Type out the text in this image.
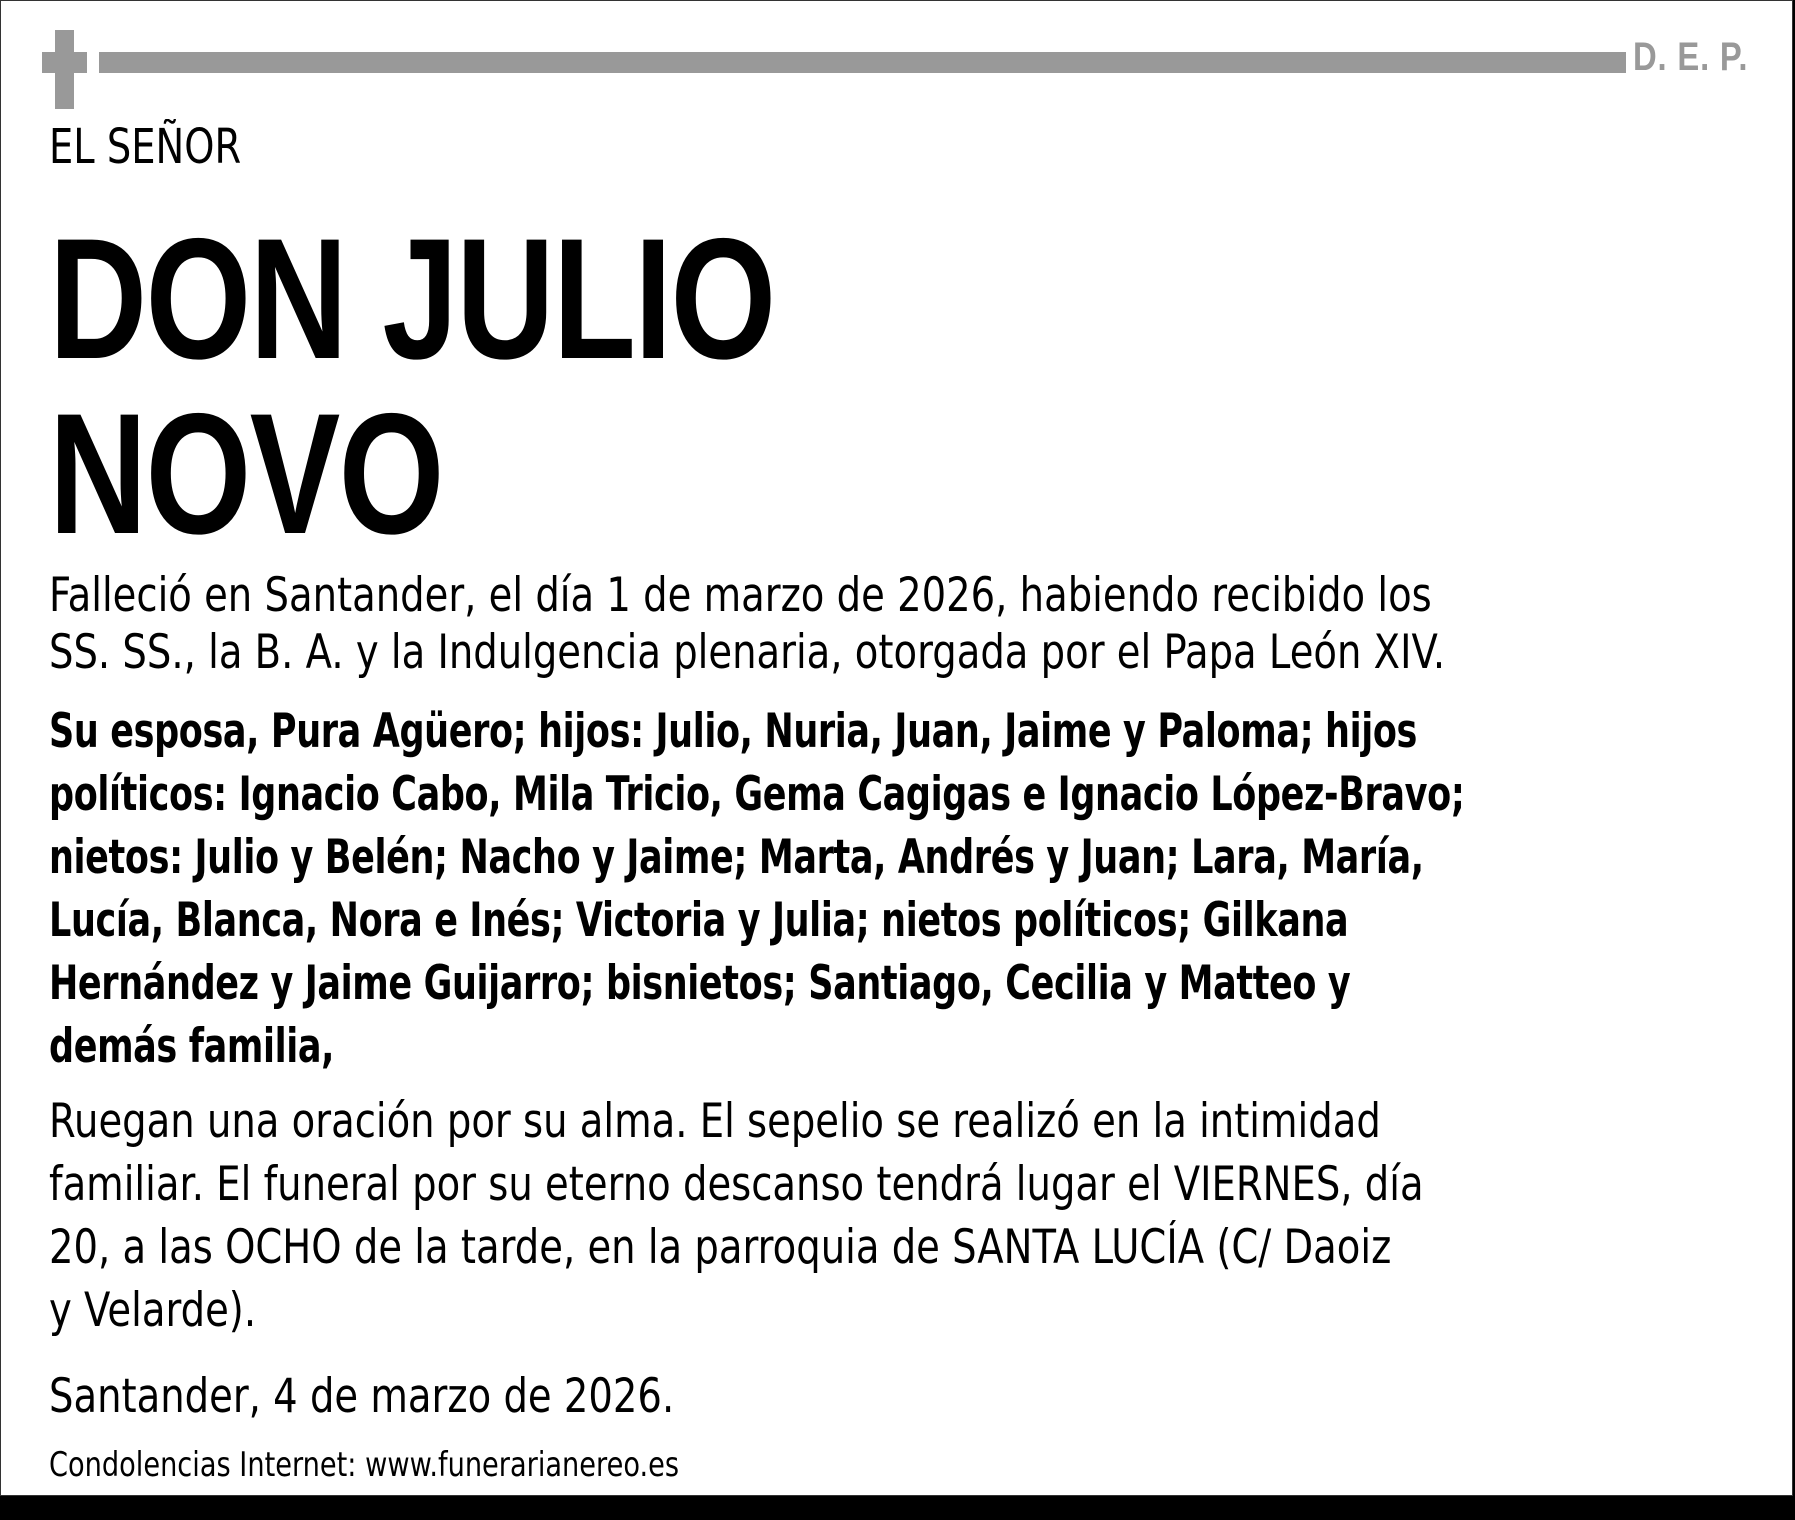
D. E. P.
EL SEÑOR
DON JULIO
NOVO
Falleció en Santander, el día 1 de marzo de 2026, habiendo recibido los
SS. SS., la B. A. y la Indulgencia plenaria, otorgada por el Papa León XIV.
Su esposa, Pura Agüero; hijos: Julio, Nuria, Juan, Jaime y Paloma; hijos
políticos: Ignacio Cabo, Mila Tricio, Gema Cagigas e Ignacio López-Bravo;
nietos: Julio y Belén; Nacho y Jaime; Marta, Andrés y Juan; Lara, María,
Lucía, Blanca, Nora e Inés; Victoria y Julia; nietos políticos; Gilkana
Hernández y Jaime Guijarro; bisnietos; Santiago, Cecilia y Matteo y
demás familia,
Ruegan una oración por su alma. El sepelio se realizó en la intimidad
familiar. El funeral por su eterno descanso tendrá lugar el VIERNES, día
20, a las OCHO de la tarde, en la parroquia de SANTA LUCÍA (C/ Daoiz
y Velarde).
Santander, 4 de marzo de 2026.
Condolencias Internet: www.funerarianereo.es
